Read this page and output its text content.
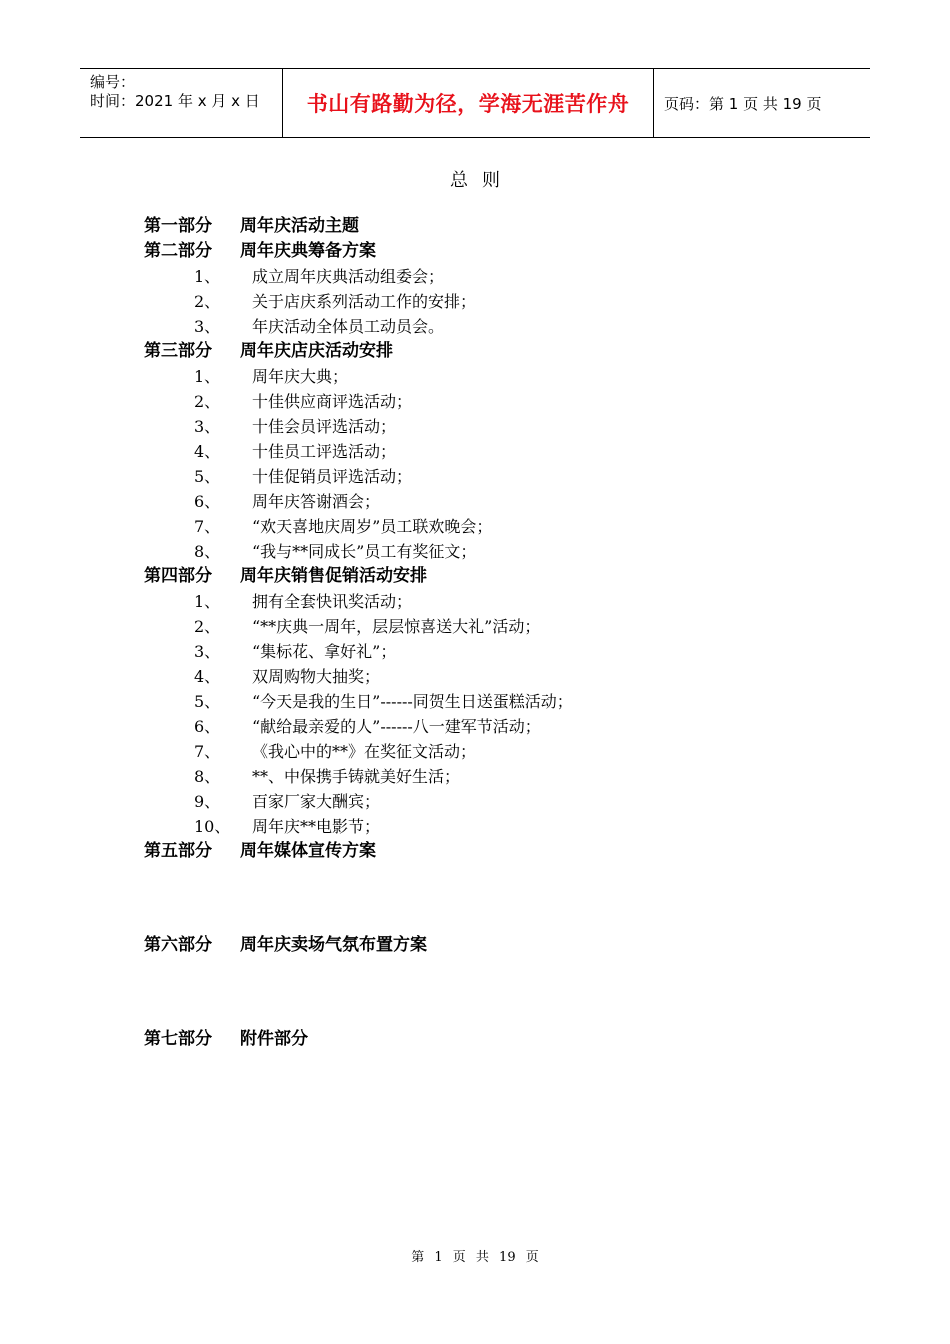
编号：
时间：2021 年 x 月 x 日	书山有路勤为径，学海无涯苦作舟 页码：第 1 页 共 19 页
总则
第一部分 周年庆活动主题
第二部分 周年庆典筹备方案
1、 成立周年庆典活动组委会；
2、 关于店庆系列活动工作的安排；
3、 年庆活动全体员工动员会。
第三部分 周年庆店庆活动安排
1、 周年庆大典；
2、 十佳供应商评选活动；
3、 十佳会员评选活动；
4、 十佳员工评选活动；
5、 十佳促销员评选活动；
6、 周年庆答谢酒会；
7、 “欢天喜地庆周岁”员工联欢晚会；
8、 “我与**同成长”员工有奖征文；
第四部分 周年庆销售促销活动安排
1、 拥有全套快讯奖活动；
2、 “**庆典一周年，层层惊喜送大礼”活动；
3、 “集标花、拿好礼”；
4、 双周购物大抽奖；
5、 “今天是我的生日”------同贺生日送蛋糕活动；
6、 “献给最亲爱的人”------八一建军节活动；
7、 《我心中的**》在奖征文活动；
8、 **、中保携手铸就美好生活；
9、 百家厂家大酬宾；
10、 周年庆**电影节；
第五部分 周年媒体宣传方案
第六部分 周年庆卖场气氛布置方案
第七部分 附件部分
第 1 页 共 19 页
